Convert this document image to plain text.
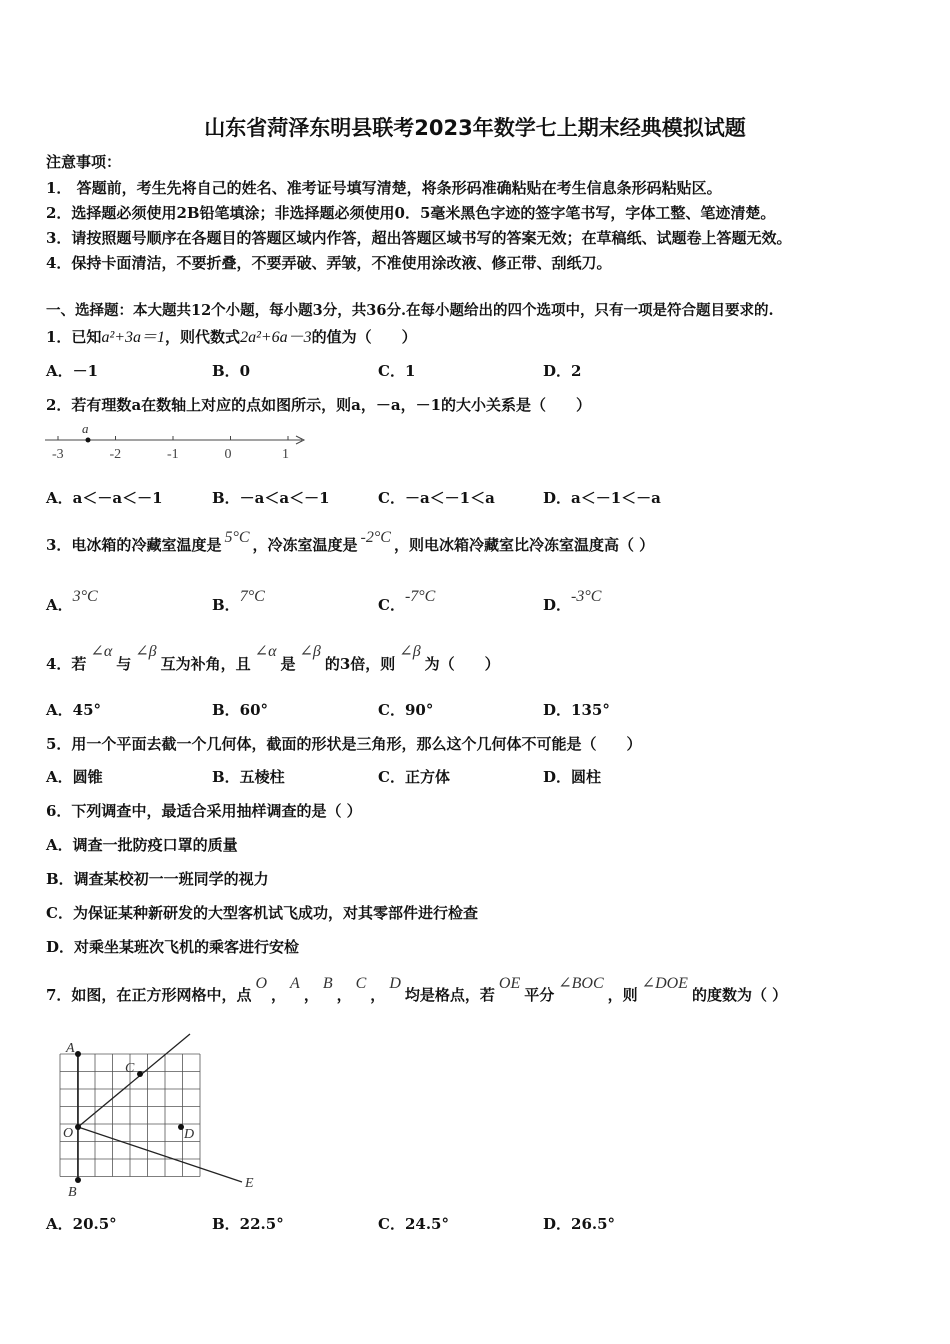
山东省菏泽东明县联考2023年数学七上期末经典模拟试题
注意事项：
1． 答题前，考生先将自己的姓名、准考证号填写清楚，将条形码准确粘贴在考生信息条形码粘贴区。
2．选择题必须使用2B铅笔填涂；非选择题必须使用0．5毫米黑色字迹的签字笔书写，字体工整、笔迹清楚。
3．请按照题号顺序在各题目的答题区域内作答，超出答题区域书写的答案无效；在草稿纸、试题卷上答题无效。
4．保持卡面清洁，不要折叠，不要弄破、弄皱，不准使用涂改液、修正带、刮纸刀。
一、选择题：本大题共12个小题，每小题3分，共36分.在每小题给出的四个选项中，只有一项是符合题目要求的.
1．已知a²+3a＝1，则代数式2a²+6a－3的值为（　　）
A．－1	B．0	C．1	D．2
2．若有理数a在数轴上对应的点如图所示，则a，－a，－1的大小关系是（　　）
-3	-2	-1	0	1
a
A．a＜－a＜－1	B．－a＜a＜－1	C．－a＜－1＜a	D．a＜－1＜－a
3．电冰箱的冷藏室温度是 5°C ，冷冻室温度是 -2°C ，则电冰箱冷藏室比冷冻室温度高（ ）
A．3°C	B．7°C	C．-7°C	D．-3°C
4．若∠α与∠β互为补角，且∠α是∠β的3倍，则∠β为（　　）
A．45°	B．60°	C．90°	D．135°
5．用一个平面去截一个几何体，截面的形状是三角形，那么这个几何体不可能是（　　）
A．圆锥	B．五棱柱	C．正方体	D．圆柱
6．下列调查中，最适合采用抽样调查的是（ ）
A．调查一批防疫口罩的质量
B．调查某校初一一班同学的视力
C．为保证某种新研发的大型客机试飞成功，对其零部件进行检查
D．对乘坐某班次飞机的乘客进行安检
7．如图，在正方形网格中，点O，A，B，C，D均是格点，若OE平分∠BOC，则∠DOE的度数为（ ）
A
C
O	D
B
E
A．20.5°	B．22.5°	C．24.5°	D．26.5°
